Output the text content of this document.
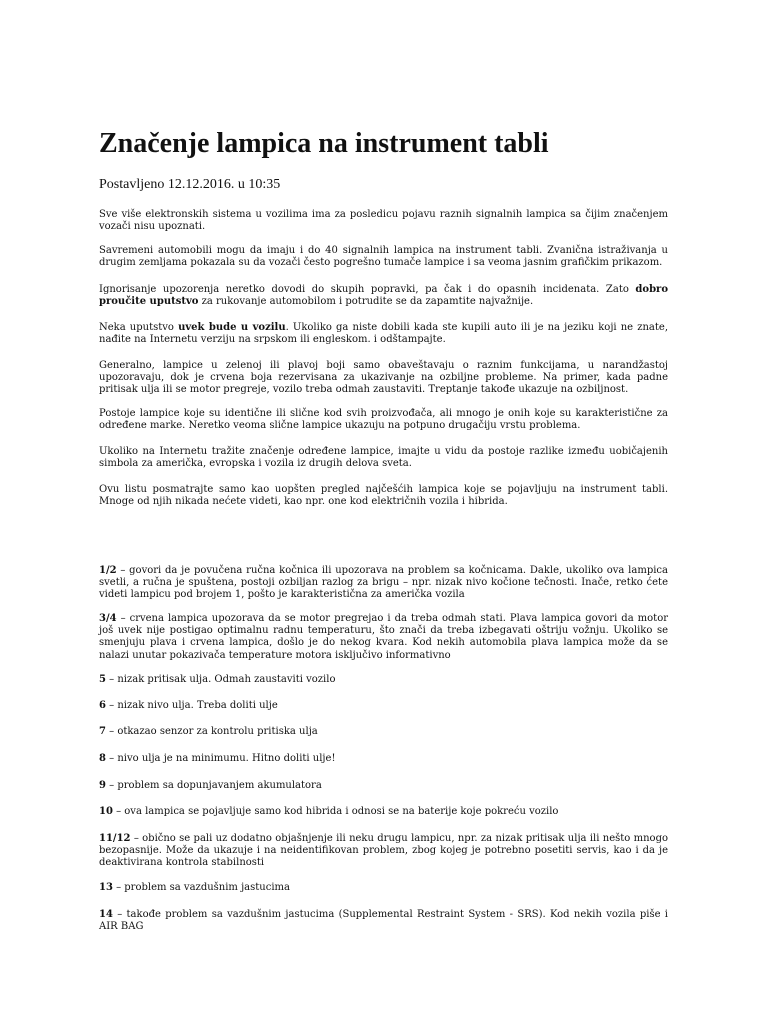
Značenje lampica na instrument tabli
Postavljeno 12.12.2016. u 10:35

Sve više elektronskih sistema u vozilima ima za posledicu pojavu raznih signalnih lampica sa čijim značenjem vozači nisu upoznati.

Savremeni automobili mogu da imaju i do 40 signalnih lampica na instrument tabli. Zvanična istraživanja u drugim zemljama pokazala su da vozači često pogrešno tumače lampice i sa veoma jasnim grafičkim prikazom.

Ignorisanje upozorenja neretko dovodi do skupih popravki, pa čak i do opasnih incidenata. Zato dobro proučite uputstvo za rukovanje automobilom i potrudite se da zapamtite najvažnije.

Neka uputstvo uvek bude u vozilu. Ukoliko ga niste dobili kada ste kupili auto ili je na jeziku koji ne znate, nađite na Internetu verziju na srpskom ili engleskom. i odštampajte.

Generalno, lampice u zelenoj ili plavoj boji samo obaveštavaju o raznim funkcijama, u narandžastoj upozoravaju, dok je crvena boja rezervisana za ukazivanje na ozbiljne probleme. Na primer, kada padne pritisak ulja ili se motor pregreje, vozilo treba odmah zaustaviti. Treptanje takođe ukazuje na ozbiljnost.

Postoje lampice koje su identične ili slične kod svih proizvođača, ali mnogo je onih koje su karakteristične za određene marke. Neretko veoma slične lampice ukazuju na potpuno drugačiju vrstu problema.

Ukoliko na Internetu tražite značenje određene lampice, imajte u vidu da postoje razlike između uobičajenih simbola za američka, evropska i vozila iz drugih delova sveta.

Ovu listu posmatrajte samo kao uopšten pregled najčešćih lampica koje se pojavljuju na instrument tabli. Mnoge od njih nikada nećete videti, kao npr. one kod električnih vozila i hibrida.

1/2 – govori da je povučena ručna kočnica ili upozorava na problem sa kočnicama. Dakle, ukoliko ova lampica svetli, a ručna je spuštena, postoji ozbiljan razlog za brigu – npr. nizak nivo kočione tečnosti. Inače, retko ćete videti lampicu pod brojem 1, pošto je karakteristična za američka vozila

3/4 – crvena lampica upozorava da se motor pregrejao i da treba odmah stati. Plava lampica govori da motor još uvek nije postigao optimalnu radnu temperaturu, što znači da treba izbegavati oštriju vožnju. Ukoliko se smenjuju plava i crvena lampica, došlo je do nekog kvara. Kod nekih automobila plava lampica može da se nalazi unutar pokazivača temperature motora isključivo informativno

5 – nizak pritisak ulja. Odmah zaustaviti vozilo

6 – nizak nivo ulja. Treba doliti ulje

7 – otkazao senzor za kontrolu pritiska ulja

8 – nivo ulja je na minimumu. Hitno doliti ulje!

9 – problem sa dopunjavanjem akumulatora

10 – ova lampica se pojavljuje samo kod hibrida i odnosi se na baterije koje pokreću vozilo

11/12 – obično se pali uz dodatno objašnjenje ili neku drugu lampicu, npr. za nizak pritisak ulja ili nešto mnogo bezopasnije. Može da ukazuje i na neidentifikovan problem, zbog kojeg je potrebno posetiti servis, kao i da je deaktivirana kontrola stabilnosti

13 – problem sa vazdušnim jastucima

14 – takođe problem sa vazdušnim jastucima (Supplemental Restraint System - SRS). Kod nekih vozila piše i AIR BAG
